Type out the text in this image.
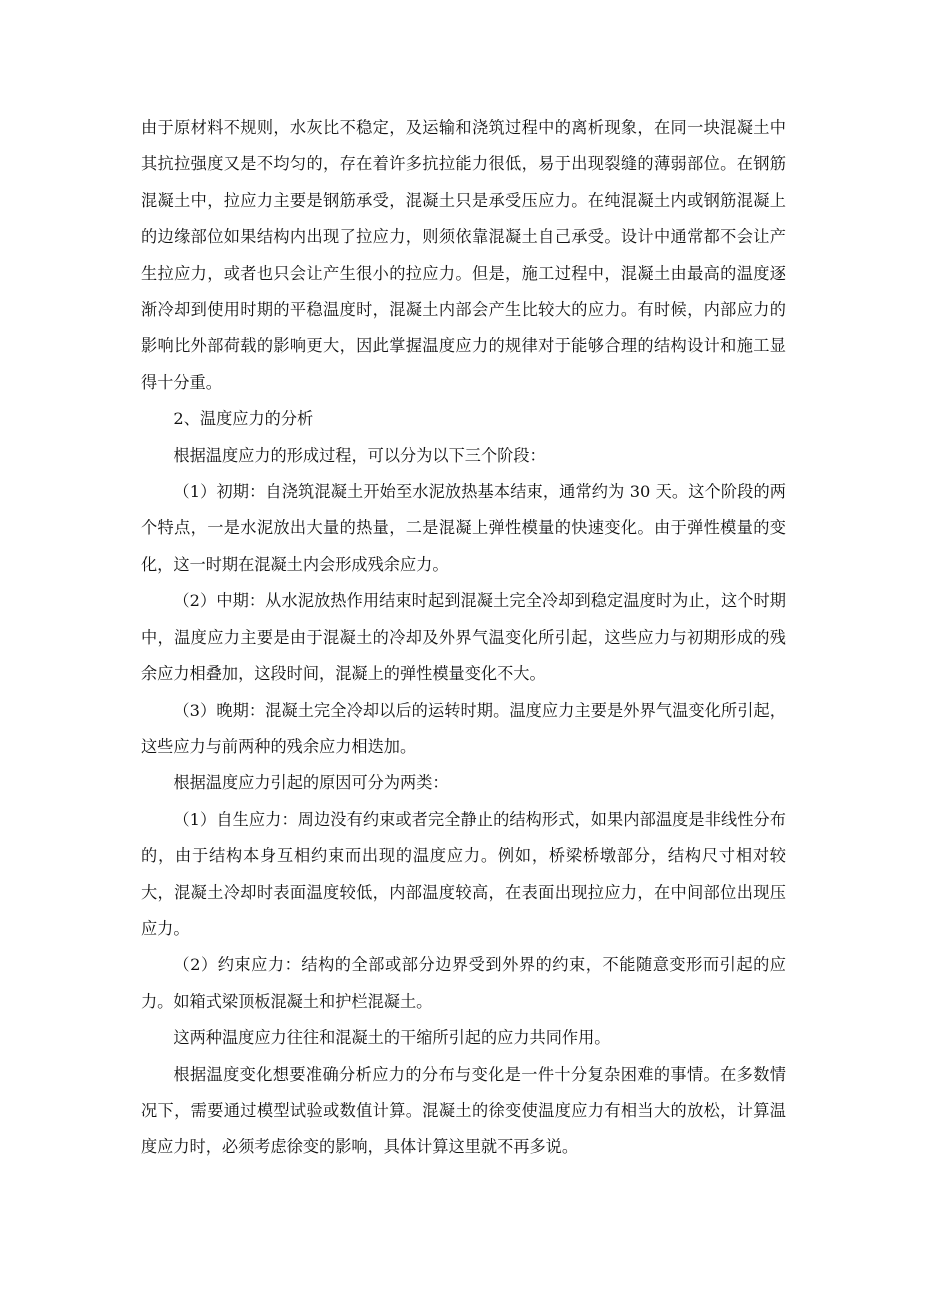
由于原材料不规则，水灰比不稳定，及运输和浇筑过程中的离析现象，在同一块混凝土中其抗拉强度又是不均匀的，存在着许多抗拉能力很低，易于出现裂缝的薄弱部位。在钢筋混凝土中，拉应力主要是钢筋承受，混凝土只是承受压应力。在纯混凝土内或钢筋混凝上的边缘部位如果结构内出现了拉应力，则须依靠混凝土自己承受。设计中通常都不会让产生拉应力，或者也只会让产生很小的拉应力。但是，施工过程中，混凝土由最高的温度逐渐冷却到使用时期的平稳温度时，混凝土内部会产生比较大的应力。有时候，内部应力的影响比外部荷载的影响更大，因此掌握温度应力的规律对于能够合理的结构设计和施工显得十分重。

2、温度应力的分析

根据温度应力的形成过程，可以分为以下三个阶段：

（1）初期：自浇筑混凝土开始至水泥放热基本结束，通常约为 30 天。这个阶段的两个特点，一是水泥放出大量的热量，二是混凝上弹性模量的快速变化。由于弹性模量的变化，这一时期在混凝土内会形成残余应力。

（2）中期：从水泥放热作用结束时起到混凝土完全冷却到稳定温度时为止，这个时期中，温度应力主要是由于混凝土的冷却及外界气温变化所引起，这些应力与初期形成的残余应力相叠加，这段时间，混凝上的弹性模量变化不大。

（3）晚期：混凝土完全冷却以后的运转时期。温度应力主要是外界气温变化所引起，这些应力与前两种的残余应力相迭加。

根据温度应力引起的原因可分为两类：

（1）自生应力：周边没有约束或者完全静止的结构形式，如果内部温度是非线性分布的，由于结构本身互相约束而出现的温度应力。例如，桥梁桥墩部分，结构尺寸相对较大，混凝土冷却时表面温度较低，内部温度较高，在表面出现拉应力，在中间部位出现压应力。

（2）约束应力：结构的全部或部分边界受到外界的约束，不能随意变形而引起的应力。如箱式梁顶板混凝土和护栏混凝土。

这两种温度应力往往和混凝土的干缩所引起的应力共同作用。

根据温度变化想要准确分析应力的分布与变化是一件十分复杂困难的事情。在多数情况下，需要通过模型试验或数值计算。混凝土的徐变使温度应力有相当大的放松，计算温度应力时，必须考虑徐变的影响，具体计算这里就不再多说。
